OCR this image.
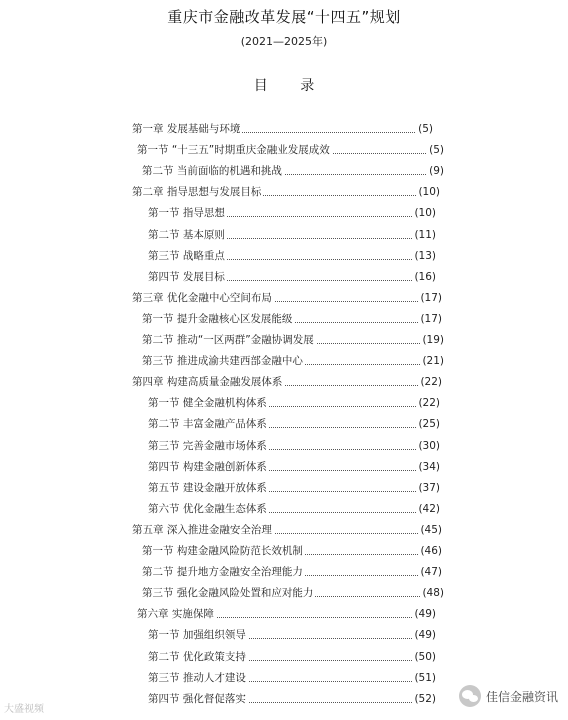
重庆市金融改革发展“十四五”规划
(2021—2025年)
目 录
第一章 发展基础与环境	(5)
第一节 “十三五”时期重庆金融业发展成效	(5)
第二节 当前面临的机遇和挑战	(9)
第二章 指导思想与发展目标	(10)
第一节 指导思想	(10)
第二节 基本原则	(11)
第三节 战略重点	(13)
第四节 发展目标	(16)
第三章 优化金融中心空间布局	(17)
第一节 提升金融核心区发展能级	(17)
第二节 推动“一区两群”金融协调发展	(19)
第三节 推进成渝共建西部金融中心	(21)
第四章 构建高质量金融发展体系	(22)
第一节 健全金融机构体系	(22)
第二节 丰富金融产品体系	(25)
第三节 完善金融市场体系	(30)
第四节 构建金融创新体系	(34)
第五节 建设金融开放体系	(37)
第六节 优化金融生态体系	(42)
第五章 深入推进金融安全治理	(45)
第一节 构建金融风险防范长效机制	(46)
第二节 提升地方金融安全治理能力	(47)
第三节 强化金融风险处置和应对能力	(48)
第六章 实施保障	(49)
第一节 加强组织领导	(49)
第二节 优化政策支持	(50)
第三节 推动人才建设	(51)
第四节 强化督促落实	(52)
大盛视频
佳信金融资讯
